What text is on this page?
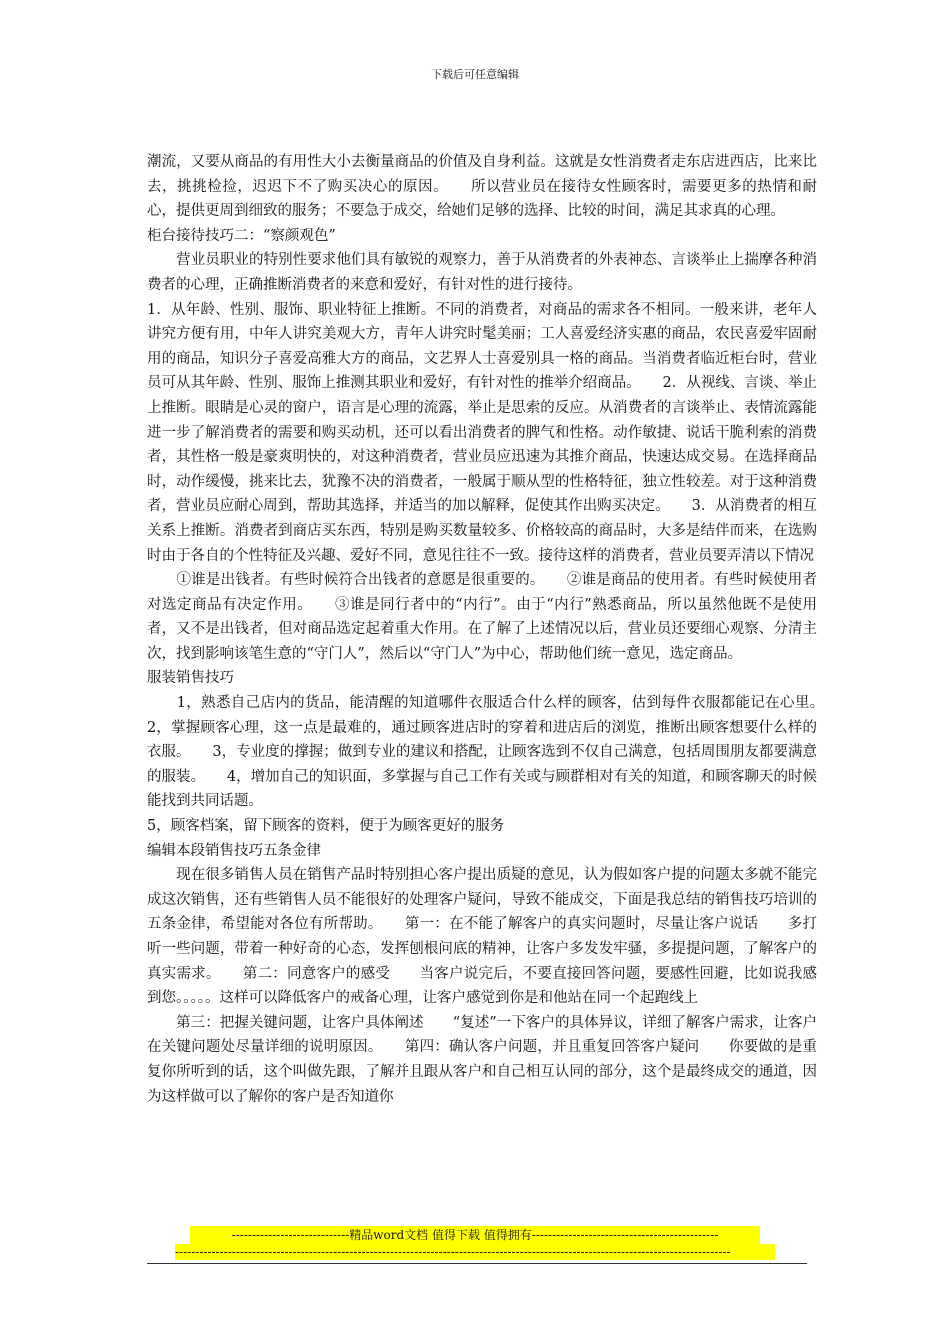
下载后可任意编辑

潮流，又要从商品的有用性大小去衡量商品的价值及自身利益。这就是女性消费者走东店进西店，比来比去，挑挑检捡，迟迟下不了购买决心的原因。　　所以营业员在接待女性顾客时，需要更多的热情和耐心，提供更周到细致的服务；不要急于成交，给她们足够的选择、比较的时间，满足其求真的心理。

柜台接待技巧二：“察颜观色”

　　营业员职业的特别性要求他们具有敏锐的观察力，善于从消费者的外表神态、言谈举止上揣摩各种消费者的心理，正确推断消费者的来意和爱好，有针对性的进行接待。

1．从年龄、性别、服饰、职业特征上推断。不同的消费者，对商品的需求各不相同。一般来讲，老年人讲究方便有用，中年人讲究美观大方，青年人讲究时髦美丽；工人喜爱经济实惠的商品，农民喜爱牢固耐用的商品，知识分子喜爱高雅大方的商品，文艺界人士喜爱别具一格的商品。当消费者临近柜台时，营业员可从其年龄、性别、服饰上推测其职业和爱好，有针对性的推举介绍商品。　　2．从视线、言谈、举止上推断。眼睛是心灵的窗户，语言是心理的流露，举止是思索的反应。从消费者的言谈举止、表情流露能进一步了解消费者的需要和购买动机，还可以看出消费者的脾气和性格。动作敏捷、说话干脆利索的消费者，其性格一般是豪爽明快的，对这种消费者，营业员应迅速为其推介商品，快速达成交易。在选择商品时，动作缓慢，挑来比去，犹豫不决的消费者，一般属于顺从型的性格特征，独立性较差。对于这种消费者，营业员应耐心周到，帮助其选择，并适当的加以解释，促使其作出购买决定。　　3．从消费者的相互关系上推断。消费者到商店买东西，特别是购买数量较多、价格较高的商品时，大多是结伴而来，在选购时由于各自的个性特征及兴趣、爱好不同，意见往往不一致。接待这样的消费者，营业员要弄清以下情况

　　①谁是出钱者。有些时候符合出钱者的意愿是很重要的。　　②谁是商品的使用者。有些时候使用者对选定商品有决定作用。　　③谁是同行者中的“内行”。由于“内行”熟悉商品，所以虽然他既不是使用者，又不是出钱者，但对商品选定起着重大作用。在了解了上述情况以后，营业员还要细心观察、分清主次，找到影响该笔生意的“守门人”，然后以“守门人”为中心，帮助他们统一意见，选定商品。

服装销售技巧

　　1，熟悉自己店内的货品，能清醒的知道哪件衣服适合什么样的顾客，估到每件衣服都能记在心里。　　2，掌握顾客心理，这一点是最难的，通过顾客进店时的穿着和进店后的浏览，推断出顾客想要什么样的衣服。　　3，专业度的撑握；做到专业的建议和搭配，让顾客选到不仅自己满意，包括周围朋友都要满意的服装。　　4，增加自己的知识面，多掌握与自己工作有关或与顾群相对有关的知道，和顾客聊天的时候能找到共同话题。

5，顾客档案，留下顾客的资料，便于为顾客更好的服务

编辑本段销售技巧五条金律

　　现在很多销售人员在销售产品时特别担心客户提出质疑的意见，认为假如客户提的问题太多就不能完成这次销售，还有些销售人员不能很好的处理客户疑问，导致不能成交，下面是我总结的销售技巧培训的五条金律，希望能对各位有所帮助。　　第一：在不能了解客户的真实问题时，尽量让客户说话　　多打听一些问题，带着一种好奇的心态，发挥刨根问底的精神，让客户多发发牢骚，多提提问题，了解客户的真实需求。　　第二：同意客户的感受　　当客户说完后，不要直接回答问题，要感性回避，比如说我感到您。。。。。这样可以降低客户的戒备心理，让客户感觉到你是和他站在同一个起跑线上

　　第三：把握关键问题，让客户具体阐述　　“复述”一下客户的具体异议，详细了解客户需求，让客户在关键问题处尽量详细的说明原因。　　第四：确认客户问题，并且重复回答客户疑问　　你要做的是重复你所听到的话，这个叫做先跟，了解并且跟从客户和自己相互认同的部分，这个是最终成交的通道，因为这样做可以了解你的客户是否知道你

-----------------------------精品word文档 值得下载 值得拥有----------------------------------------------
-----------------------------------------------------------------------------------------------------------------------------------------
